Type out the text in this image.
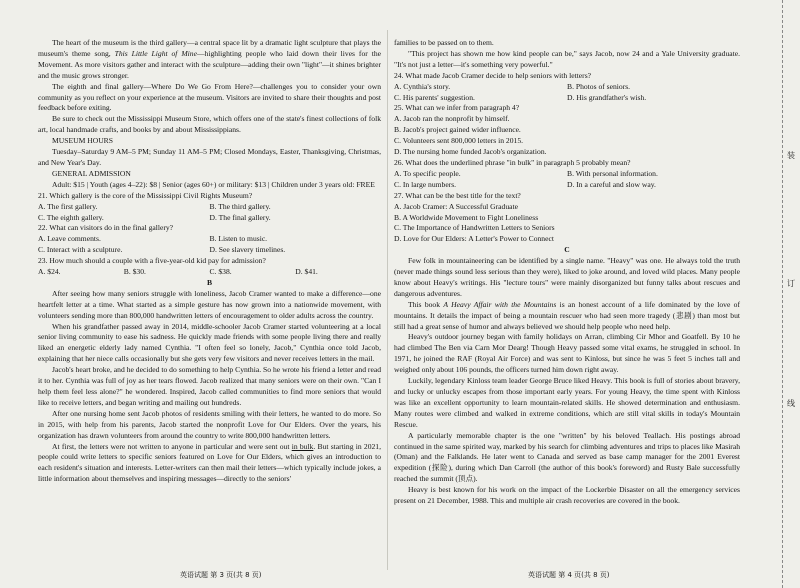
The heart of the museum is the third gallery—a central space lit by a dramatic light sculpture that plays the museum's theme song, This Little Light of Mine—highlighting people who laid down their lives for the Movement. As more visitors gather and interact with the sculpture—adding their own "light"—it shines brighter and the music grows stronger.

The eighth and final gallery—Where Do We Go From Here?—challenges you to consider your own community as you reflect on your experience at the museum. Visitors are invited to share their thoughts and post feedback before exiting.

Be sure to check out the Mississippi Museum Store, which offers one of the state's finest collections of folk art, local handmade crafts, and books by and about Mississippians.

MUSEUM HOURS

Tuesday–Saturday 9 AM–5 PM; Sunday 11 AM–5 PM; Closed Mondays, Easter, Thanksgiving, Christmas, and New Year's Day.

GENERAL ADMISSION

Adult: $15 | Youth (ages 4–22): $8 | Senior (ages 60+) or military: $13 | Children under 3 years old: FREE

21. Which gallery is the core of the Mississippi Civil Rights Museum?

A. The first gallery.	B. The third gallery.
C. The eighth gallery.	D. The final gallery.

22. What can visitors do in the final gallery?

A. Leave comments.	B. Listen to music.
C. Interact with a sculpture.	D. See slavery timelines.

23. How much should a couple with a five-year-old kid pay for admission?

A. $24.	B. $30.	C. $38.	D. $41.

B

After seeing how many seniors struggle with loneliness, Jacob Cramer wanted to make a difference—one heartfelt letter at a time. What started as a simple gesture has now grown into a nationwide movement, with volunteers sending more than 800,000 handwritten letters of encouragement to older adults across the country.

When his grandfather passed away in 2014, middle-schooler Jacob Cramer started volunteering at a local senior living community to ease his sadness. He quickly made friends with some people living there and really liked an energetic elderly lady named Cynthia. "I often feel so lonely, Jacob," Cynthia once told Jacob, explaining that her niece calls occasionally but she gets very few visitors and never receives letters in the mail.

Jacob's heart broke, and he decided to do something to help Cynthia. So he wrote his friend a letter and read it to her. Cynthia was full of joy as her tears flowed. Jacob realized that many seniors were on their own. "Can I help them feel less alone?" he wondered. Inspired, Jacob called communities to find more seniors that would like to receive letters, and began writing and mailing out hundreds.

After one nursing home sent Jacob photos of residents smiling with their letters, he wanted to do more. So in 2015, with help from his parents, Jacob started the nonprofit Love for Our Elders. Over the years, his organization has drawn volunteers from around the country to write 800,000 handwritten letters.

At first, the letters were not written to anyone in particular and were sent out in bulk. But starting in 2021, people could write letters to specific seniors featured on Love for Our Elders, which gives an introduction to each resident's situation and interests. Letter-writers can then mail their letters—which typically include jokes, a little information about themselves and inspiring messages—directly to the seniors'

英语试题 第 3 页(共 8 页)

families to be passed on to them.

"This project has shown me how kind people can be," says Jacob, now 24 and a Yale University graduate. "It's not just a letter—it's something very powerful."

24. What made Jacob Cramer decide to help seniors with letters?

A. Cynthia's story.	B. Photos of seniors.
C. His parents' suggestion.	D. His grandfather's wish.

25. What can we infer from paragraph 4?

A. Jacob ran the nonprofit by himself.
B. Jacob's project gained wider influence.
C. Volunteers sent 800,000 letters in 2015.
D. The nursing home funded Jacob's organization.

26. What does the underlined phrase "in bulk" in paragraph 5 probably mean?

A. To specific people.	B. With personal information.
C. In large numbers.	D. In a careful and slow way.

27. What can be the best title for the text?

A. Jacob Cramer: A Successful Graduate
B. A Worldwide Movement to Fight Loneliness
C. The Importance of Handwritten Letters to Seniors
D. Love for Our Elders: A Letter's Power to Connect

C

Few folk in mountaineering can be identified by a single name. "Heavy" was one. He always told the truth (never made things sound less serious than they were), liked to joke around, and loved wild places. Many people know about Heavy's writings. His "lecture tours" were mainly disorganized but funny talks about rescues and dangerous adventures.

This book A Heavy Affair with the Mountains is an honest account of a life dominated by the love of mountains. It details the impact of being a mountain rescuer who had seen more tragedy (悲剧) than most but still had a great sense of humor and always believed we should help people who need help.

Heavy's outdoor journey began with family holidays on Arran, climbing Cir Mhor and Goatfell. By 10 he had climbed The Ben via Carn Mor Dearg! Though Heavy passed some vital exams, he struggled in school. In 1971, he joined the RAF (Royal Air Force) and was sent to Kinloss, but since he was 5 feet 5 inches tall and weighed only about 106 pounds, the officers turned him down right away.

Luckily, legendary Kinloss team leader George Bruce liked Heavy. This book is full of stories about bravery, and lucky or unlucky escapes from those important early years. For young Heavy, the time spent with Kinloss was like an excellent opportunity to learn mountain-related skills. He showed determination and enthusiasm. Many routes were climbed and walked in extreme conditions, which are still vital skills in today's Mountain Rescue.

A particularly memorable chapter is the one "written" by his beloved Teallach. His postings abroad continued in the same spirited way, marked by his search for climbing adventures and trips to places like Masirah (Oman) and the Falklands. He later went to Canada and served as base camp manager for the 2001 Everest expedition (探险), during which Dan Carroll (the author of this book's foreword) and Rusty Bale successfully reached the summit (顶点).

Heavy is best known for his work on the impact of the Lockerbie Disaster on all the emergency services present on 21 December, 1988. This and multiple air crash recoveries are covered in the book.

英语试题 第 4 页(共 8 页)
装
订
线
